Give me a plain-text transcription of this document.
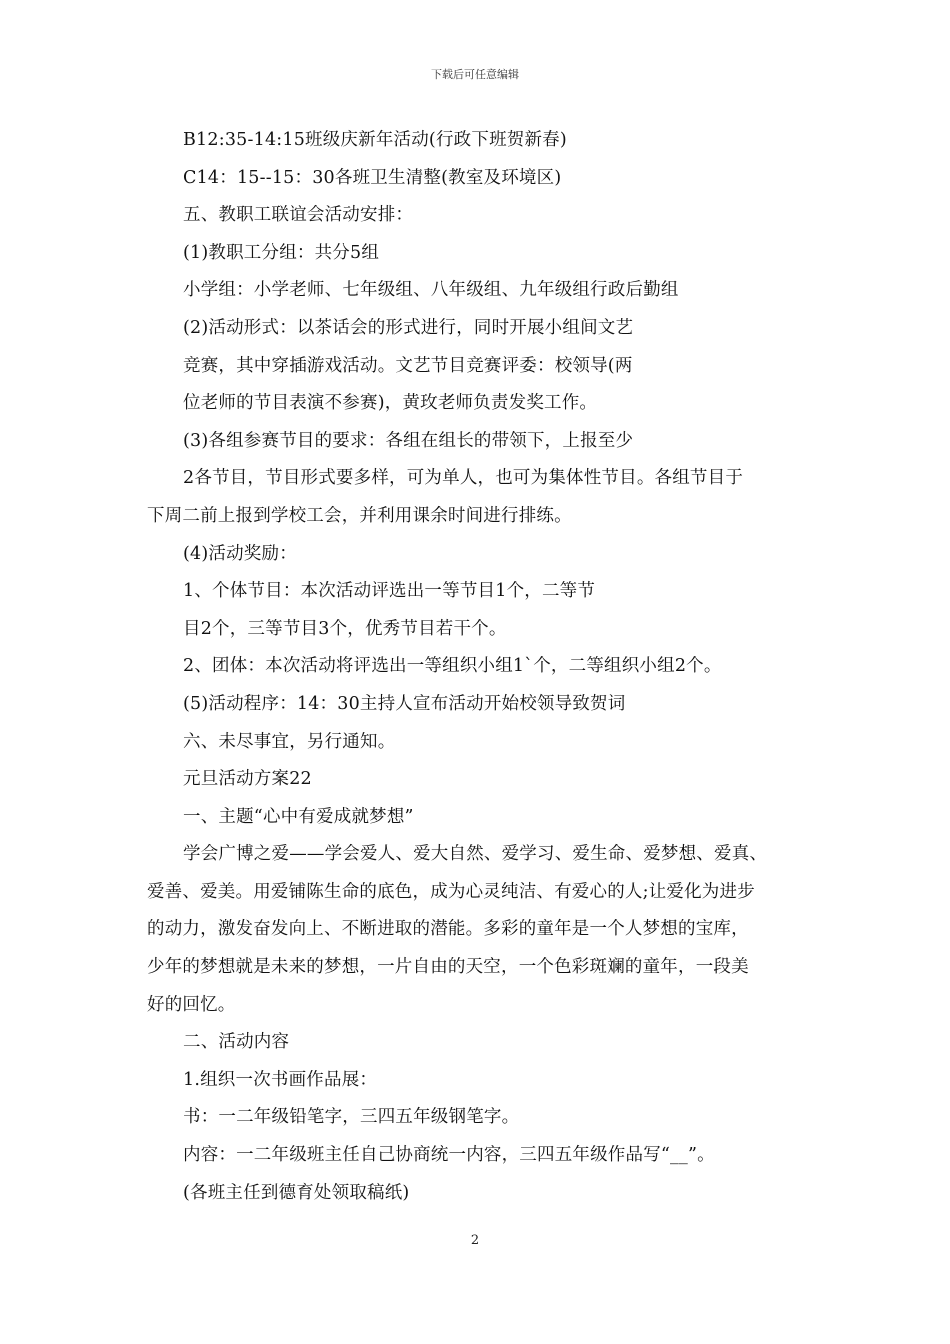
下载后可任意编辑
B12:35-14:15班级庆新年活动(行政下班贺新春)
C14：15--15：30各班卫生清整(教室及环境区)
五、教职工联谊会活动安排：
(1)教职工分组：共分5组
小学组：小学老师、七年级组、八年级组、九年级组行政后勤组
(2)活动形式：以茶话会的形式进行，同时开展小组间文艺
竞赛，其中穿插游戏活动。文艺节目竞赛评委：校领导(两
位老师的节目表演不参赛)，黄玫老师负责发奖工作。
(3)各组参赛节目的要求：各组在组长的带领下，上报至少
2各节目，节目形式要多样，可为单人，也可为集体性节目。各组节目于
下周二前上报到学校工会，并利用课余时间进行排练。
(4)活动奖励：
1、个体节目：本次活动评选出一等节目1个，二等节
目2个，三等节目3个，优秀节目若干个。
2、团体：本次活动将评选出一等组织小组1`个，二等组织小组2个。
(5)活动程序：14：30主持人宣布活动开始校领导致贺词
六、未尽事宜，另行通知。
元旦活动方案22
一、主题“心中有爱成就梦想”
学会广博之爱——学会爱人、爱大自然、爱学习、爱生命、爱梦想、爱真、
爱善、爱美。用爱铺陈生命的底色，成为心灵纯洁、有爱心的人;让爱化为进步
的动力，激发奋发向上、不断进取的潜能。多彩的童年是一个人梦想的宝库，
少年的梦想就是未来的梦想，一片自由的天空，一个色彩斑斓的童年，一段美
好的回忆。
二、活动内容
1.组织一次书画作品展：
书：一二年级铅笔字，三四五年级钢笔字。
内容：一二年级班主任自己协商统一内容，三四五年级作品写“__”。
(各班主任到德育处领取稿纸)
2
